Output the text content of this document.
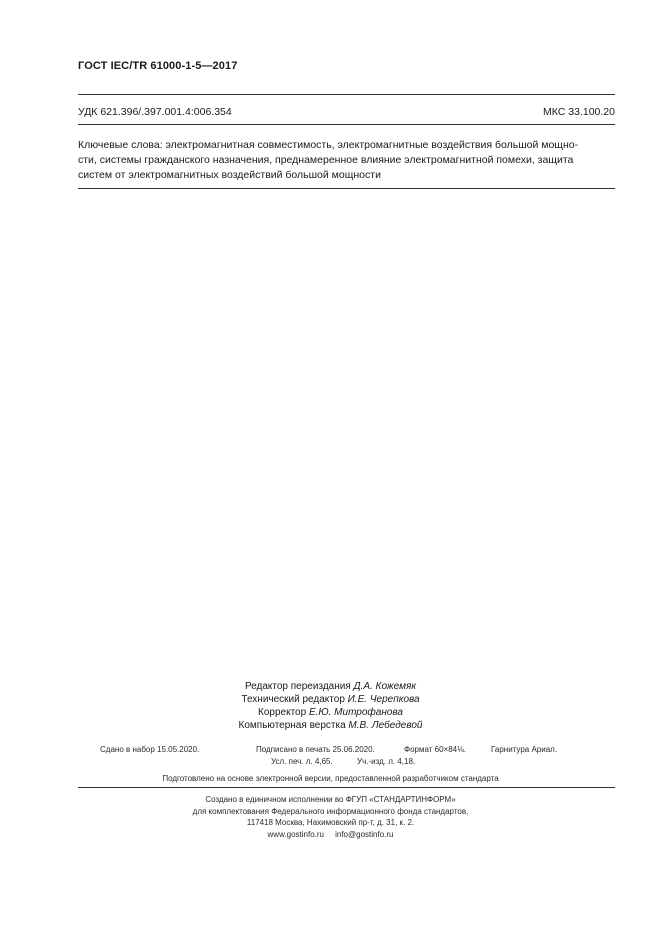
ГОСТ IEC/TR 61000-1-5—2017
УДК 621.396/.397.001.4:006.354	МКС 33.100.20
Ключевые слова: электромагнитная совместимость, электромагнитные воздействия большой мощно-
сти, системы гражданского назначения, преднамеренное влияние электромагнитной помехи, защита
систем от электромагнитных воздействий большой мощности
Редактор переиздания Д.А. Кожемяк
Технический редактор И.Е. Черепкова
Корректор Е.Ю. Митрофанова
Компьютерная верстка М.В. Лебедевой
Сдано в набор 15.05.2020.	Подписано в печать 25.06.2020.	Формат 60×84⅛.	Гарнитура Ариал.
Усл. печ. л. 4,65.	Уч.-изд. л. 4,18.
Подготовлено на основе электронной версии, предоставленной разработчиком стандарта
Создано в единичном исполнении во ФГУП «СТАНДАРТИНФОРМ»
для комплектования Федерального информационного фонда стандартов,
117418 Москва, Нахимовский пр-т, д. 31, к. 2.
www.gostinfo.ru info@gostinfo.ru
